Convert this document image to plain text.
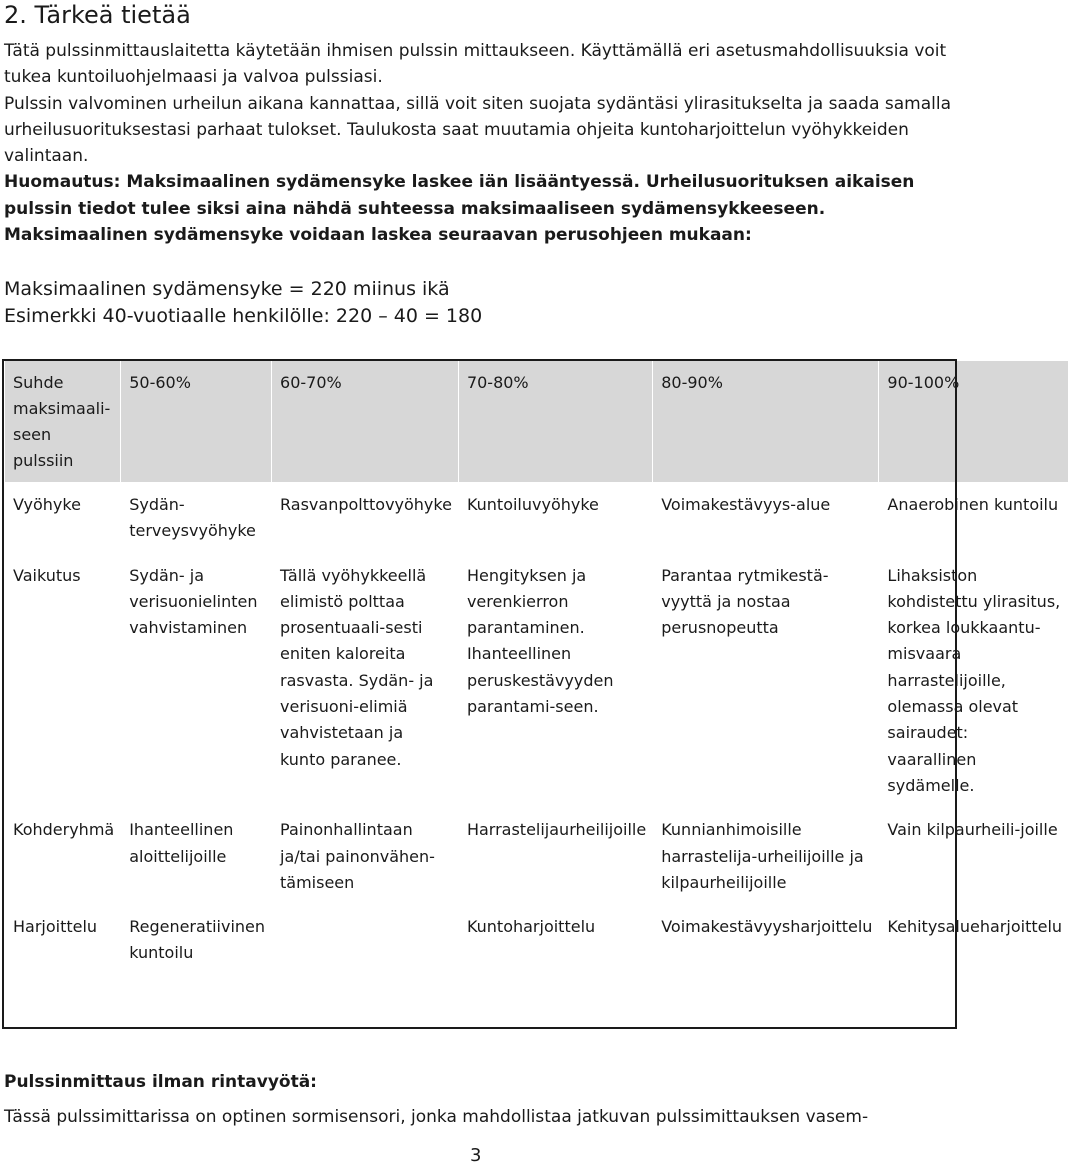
2. Tärkeä tietää
Tätä pulssinmittauslaitetta käytetään ihmisen pulssin mittaukseen. Käyttämällä eri asetusmahdollisuuksia voit tukea kuntoiluohjelmaasi ja valvoa pulssiasi.
Pulssin valvominen urheilun aikana kannattaa, sillä voit siten suojata sydäntäsi ylirasitukselta ja saada samalla urheilusuorituksestasi parhaat tulokset. Taulukosta saat muutamia ohjeita kuntoharjoittelun vyöhykkeiden valintaan.
Huomautus: Maksimaalinen sydämensyke laskee iän lisääntyessä. Urheilusuorituksen aikaisen pulssin tiedot tulee siksi aina nähdä suhteessa maksimaaliseen sydämensykkeeseen. Maksimaalinen sydämensyke voidaan laskea seuraavan perusohjeen mukaan:
Maksimaalinen sydämensyke = 220 miinus ikä
Esimerkki 40-vuotiaalle henkilölle: 220 – 40 = 180
Suhde maksimaali-seen pulssiin	50-60%	60-70%	70-80%	80-90%	90-100%
Vyöhyke	Sydän-terveysvyöhyke	Rasvanpolttovyöhyke	Kuntoiluvyöhyke	Voimakestävyys-alue	Anaerobinen kuntoilu
Vaikutus	Sydän- ja verisuonielinten vahvistaminen	Tällä vyöhykkeellä elimistö polttaa prosentuaali-sesti eniten kaloreita rasvasta. Sydän- ja verisuoni-elimiä vahvistetaan ja kunto paranee.	Hengityksen ja verenkierron parantaminen. Ihanteellinen peruskestävyyden parantami-seen.	Parantaa rytmikestä-vyyttä ja nostaa perusnopeutta	Lihaksiston kohdistettu ylirasitus, korkea loukkaantu-misvaara harrastelijoille, olemassa olevat sairaudet: vaarallinen sydämelle.
Kohderyhmä	Ihanteellinen aloittelijoille	Painonhallintaan ja/tai painonvähen-tämiseen	Harrastelijaurheilijoille	Kunnianhimoisille harrastelija-urheilijoille ja kilpaurheilijoille	Vain kilpaurheili-joille
Harjoittelu	Regeneratiivinen kuntoilu		Kuntoharjoittelu	Voimakestävyysharjoittelu	Kehitysalueharjoittelu
Pulssinmittaus ilman rintavyötä:
Tässä pulssimittarissa on optinen sormisensori, jonka mahdollistaa jatkuvan pulssimittauksen vasem-
3
